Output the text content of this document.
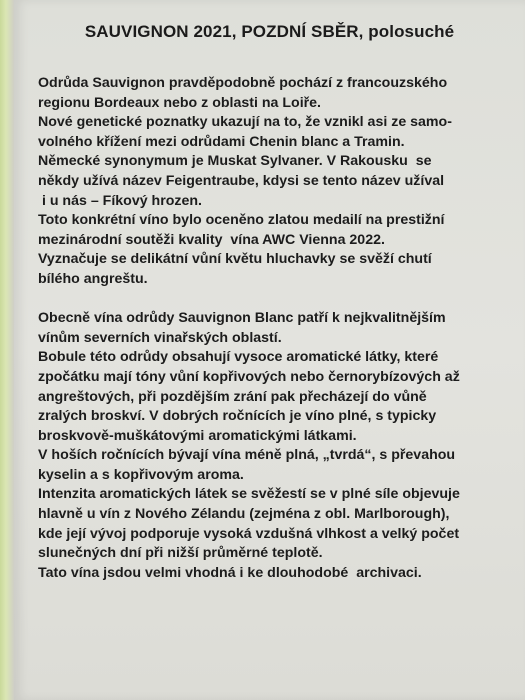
SAUVIGNON 2021, POZDNÍ SBĚR, polosuché
Odrůda Sauvignon pravděpodobně pochází z francouzského
regionu Bordeaux nebo z oblasti na Loiře.
Nové genetické poznatky ukazují na to, že vznikl asi ze samo-
volného křížení mezi odrůdami Chenin blanc a Tramin.
Německé synonymum je Muskat Sylvaner. V Rakousku  se
někdy užívá název Feigentraube, kdysi se tento název užíval
i u nás – Fíkový hrozen.
Toto konkrétní víno bylo oceněno zlatou medailí na prestižní
mezinárodní soutěži kvality  vína AWC Vienna 2022.
Vyznačuje se delikátní vůní květu hluchavky se svěží chutí
bílého angreštu.
Obecně vína odrůdy Sauvignon Blanc patří k nejkvalitnějším
vínům severních vinařských oblastí.
Bobule této odrůdy obsahují vysoce aromatické látky, které
zpočátku mají tóny vůní kopřivových nebo černorybízových až
angreštových, při pozdějším zrání pak přecházejí do vůně
zralých broskví. V dobrých ročnících je víno plné, s typicky
broskvově-muškátovými aromatickými látkami.
V hoších ročnících bývají vína méně plná, „tvrdá“, s převahou
kyselin a s kopřivovým aroma.
Intenzita aromatických látek se svěžestí se v plné síle objevuje
hlavně u vín z Nového Zélandu (zejména z obl. Marlborough),
kde její vývoj podporuje vysoká vzdušná vlhkost a velký počet
slunečných dní při nižší průměrné teplotě.
Tato vína jsdou velmi vhodná i ke dlouhodobé  archivaci.
